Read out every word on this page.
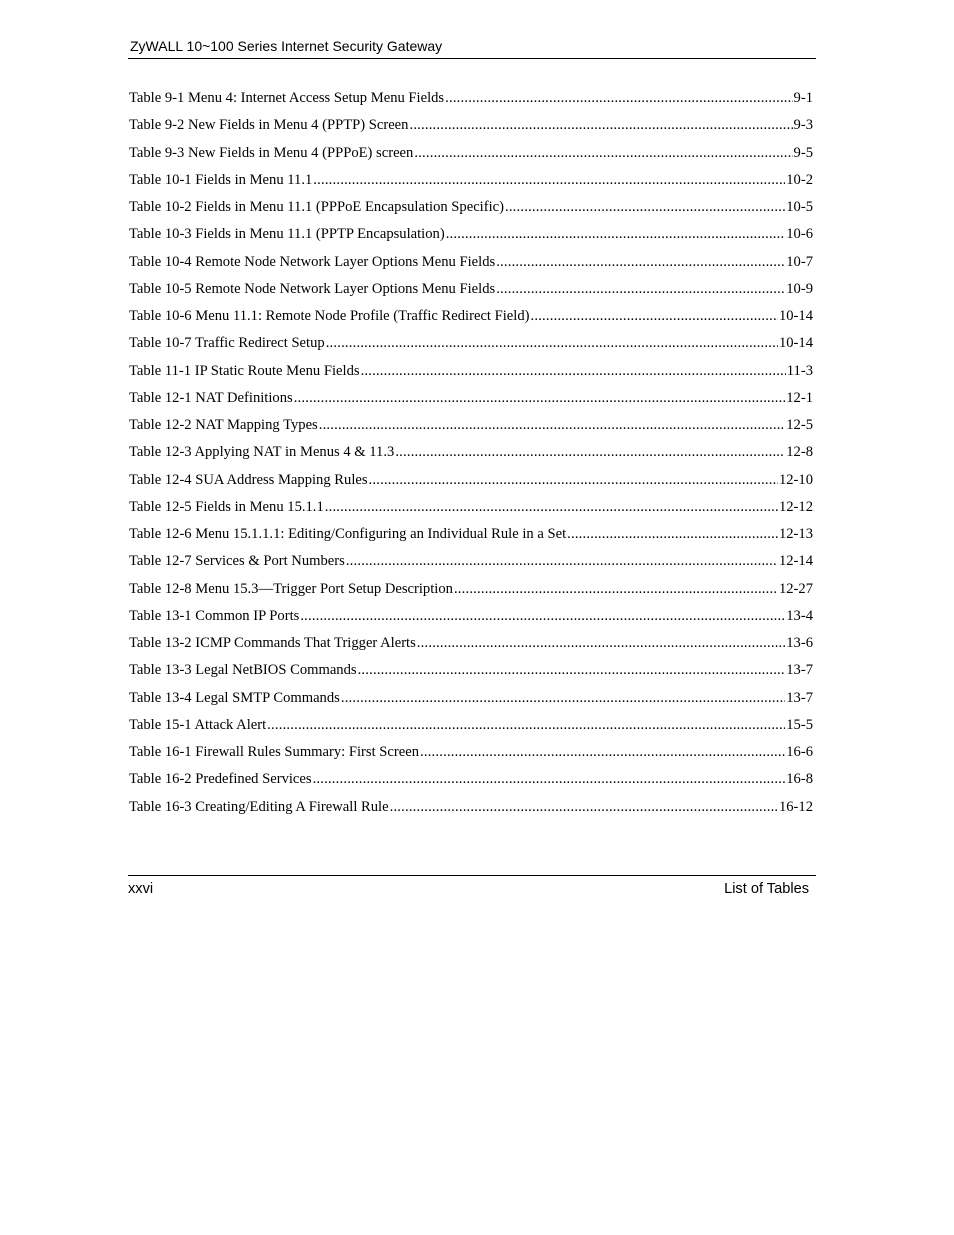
ZyWALL 10~100 Series Internet Security Gateway
Table 9-1 Menu 4: Internet Access Setup Menu Fields .....	9-1
Table 9-2 New Fields in Menu 4 (PPTP) Screen .....	9-3
Table 9-3 New Fields in Menu 4 (PPPoE) screen .....	9-5
Table 10-1 Fields in Menu 11.1 .....	10-2
Table 10-2 Fields in Menu 11.1 (PPPoE Encapsulation Specific) .....	10-5
Table 10-3 Fields in Menu 11.1 (PPTP Encapsulation) .....	10-6
Table 10-4 Remote Node Network Layer Options Menu Fields .....	10-7
Table 10-5 Remote Node Network Layer Options Menu Fields .....	10-9
Table 10-6 Menu 11.1: Remote Node Profile (Traffic Redirect Field) .....	10-14
Table 10-7 Traffic Redirect Setup .....	10-14
Table 11-1 IP Static Route Menu Fields .....	11-3
Table 12-1 NAT Definitions .....	12-1
Table 12-2 NAT Mapping Types .....	12-5
Table 12-3 Applying NAT in Menus 4 & 11.3 .....	12-8
Table 12-4 SUA Address Mapping Rules .....	12-10
Table 12-5 Fields in Menu 15.1.1 .....	12-12
Table 12-6 Menu 15.1.1.1: Editing/Configuring an Individual Rule in a Set .....	12-13
Table 12-7 Services & Port Numbers .....	12-14
Table 12-8 Menu 15.3—Trigger Port Setup Description .....	12-27
Table 13-1 Common IP Ports .....	13-4
Table 13-2 ICMP Commands That Trigger Alerts .....	13-6
Table 13-3 Legal NetBIOS Commands .....	13-7
Table 13-4 Legal SMTP Commands .....	13-7
Table 15-1 Attack Alert .....	15-5
Table 16-1 Firewall Rules Summary: First Screen .....	16-6
Table 16-2 Predefined Services .....	16-8
Table 16-3 Creating/Editing A Firewall Rule .....	16-12
xxvi	List of Tables
